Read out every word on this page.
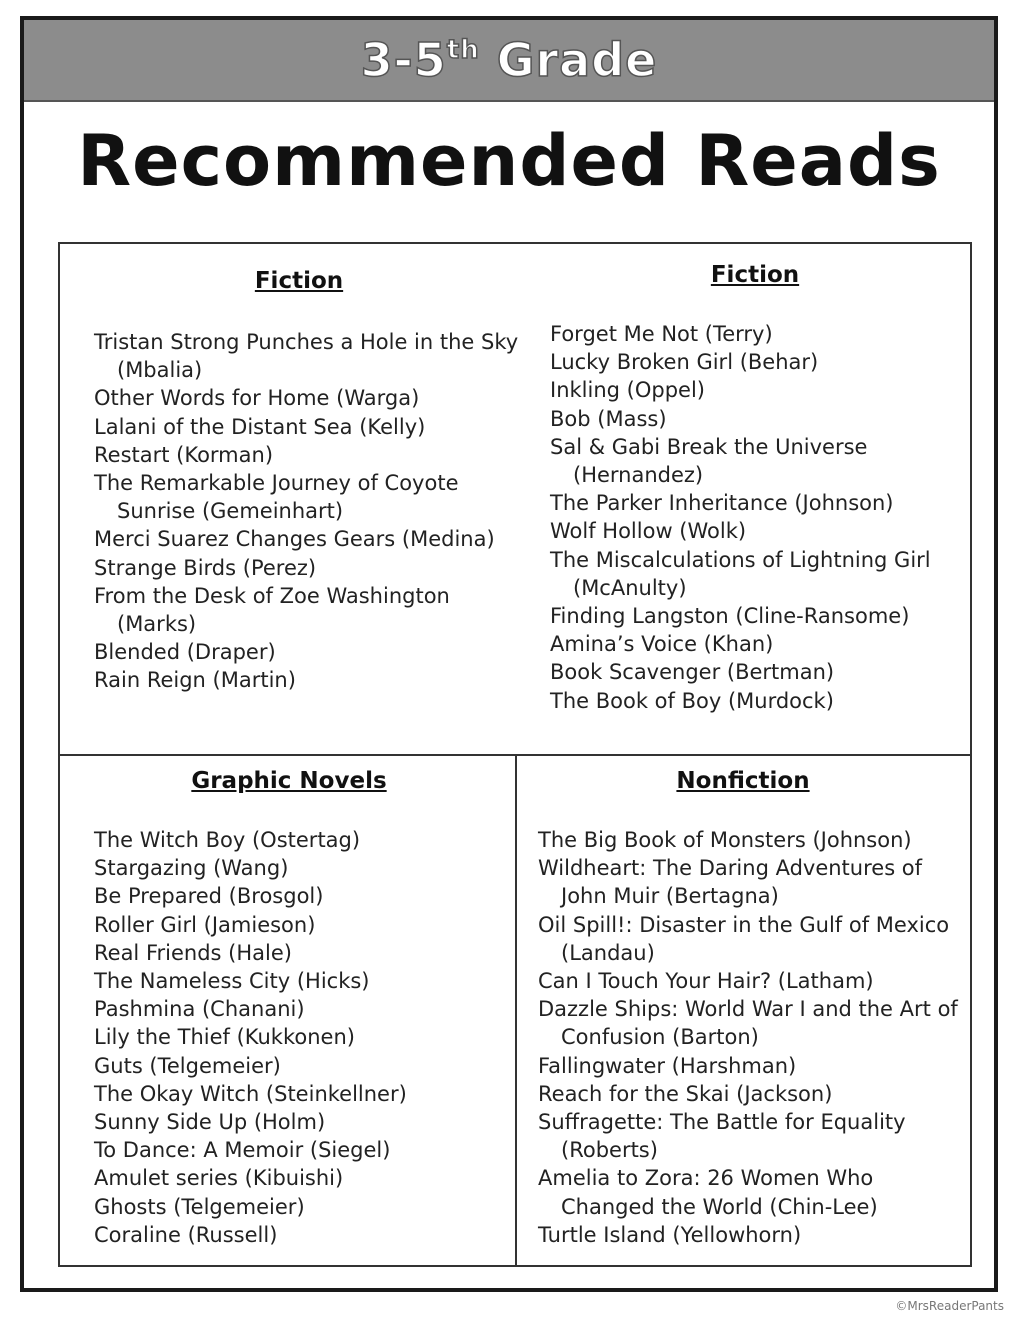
3-5th Grade
Recommended Reads
Fiction
Tristan Strong Punches a Hole in the Sky (Mbalia)
Other Words for Home (Warga)
Lalani of the Distant Sea (Kelly)
Restart (Korman)
The Remarkable Journey of Coyote Sunrise (Gemeinhart)
Merci Suarez Changes Gears (Medina)
Strange Birds (Perez)
From the Desk of Zoe Washington (Marks)
Blended (Draper)
Rain Reign (Martin)
Fiction
Forget Me Not (Terry)
Lucky Broken Girl (Behar)
Inkling (Oppel)
Bob (Mass)
Sal & Gabi Break the Universe (Hernandez)
The Parker Inheritance (Johnson)
Wolf Hollow (Wolk)
The Miscalculations of Lightning Girl (McAnulty)
Finding Langston (Cline-Ransome)
Amina’s Voice (Khan)
Book Scavenger (Bertman)
The Book of Boy (Murdock)
Graphic Novels
The Witch Boy (Ostertag)
Stargazing (Wang)
Be Prepared (Brosgol)
Roller Girl (Jamieson)
Real Friends (Hale)
The Nameless City (Hicks)
Pashmina (Chanani)
Lily the Thief (Kukkonen)
Guts (Telgemeier)
The Okay Witch (Steinkellner)
Sunny Side Up (Holm)
To Dance: A Memoir (Siegel)
Amulet series (Kibuishi)
Ghosts (Telgemeier)
Coraline (Russell)
Nonfiction
The Big Book of Monsters (Johnson)
Wildheart: The Daring Adventures of John Muir (Bertagna)
Oil Spill!: Disaster in the Gulf of Mexico (Landau)
Can I Touch Your Hair? (Latham)
Dazzle Ships: World War I and the Art of Confusion (Barton)
Fallingwater (Harshman)
Reach for the Skai (Jackson)
Suffragette: The Battle for Equality (Roberts)
Amelia to Zora: 26 Women Who Changed the World (Chin-Lee)
Turtle Island (Yellowhorn)
©MrsReaderPants
